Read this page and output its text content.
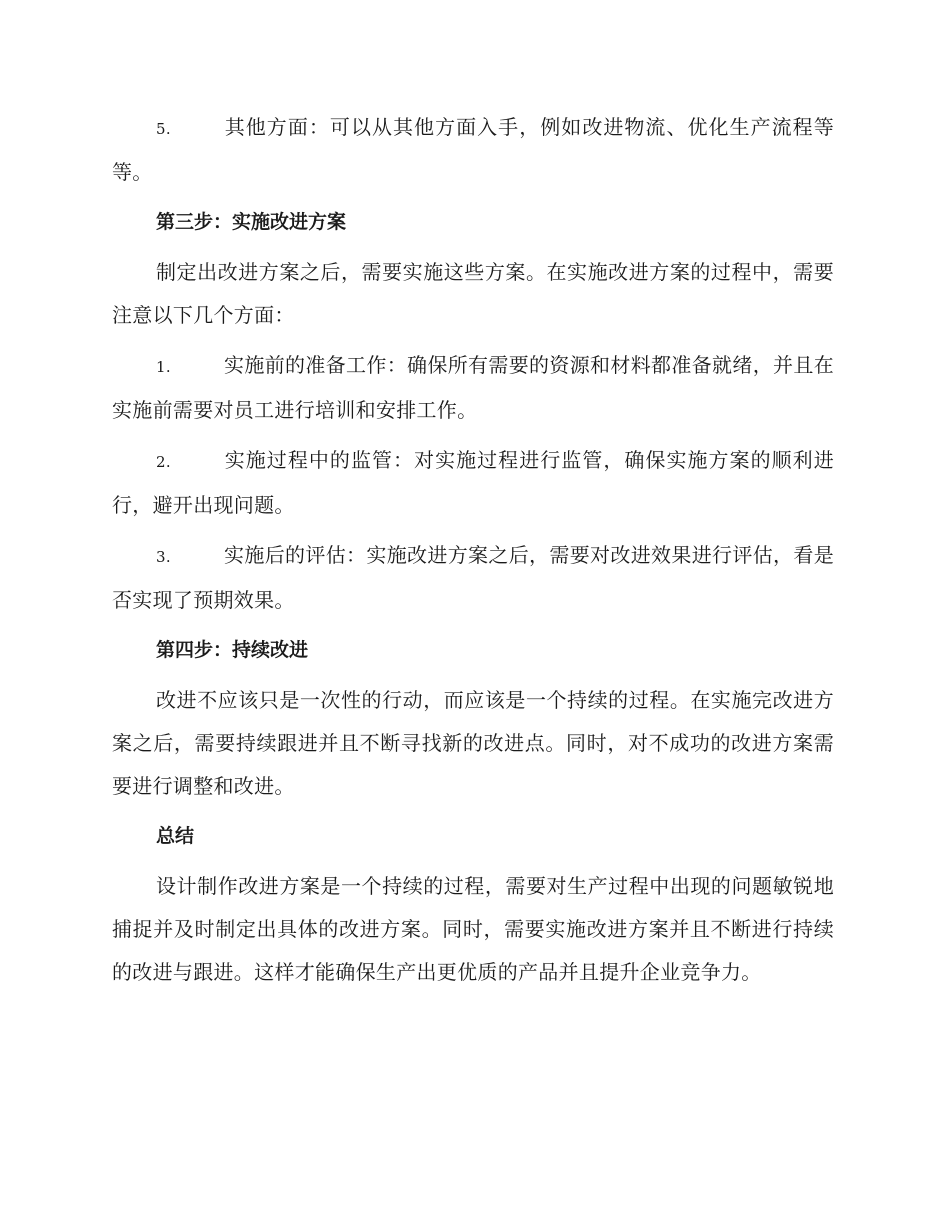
5.	其他方面：可以从其他方面入手，例如改进物流、优化生产流程等等。

第三步：实施改进方案

制定出改进方案之后，需要实施这些方案。在实施改进方案的过程中，需要注意以下几个方面：

1.	实施前的准备工作：确保所有需要的资源和材料都准备就绪，并且在实施前需要对员工进行培训和安排工作。

2.	实施过程中的监管：对实施过程进行监管，确保实施方案的顺利进行，避开出现问题。

3.	实施后的评估：实施改进方案之后，需要对改进效果进行评估，看是否实现了预期效果。

第四步：持续改进

改进不应该只是一次性的行动，而应该是一个持续的过程。在实施完改进方案之后，需要持续跟进并且不断寻找新的改进点。同时，对不成功的改进方案需要进行调整和改进。

总结

设计制作改进方案是一个持续的过程，需要对生产过程中出现的问题敏锐地捕捉并及时制定出具体的改进方案。同时，需要实施改进方案并且不断进行持续的改进与跟进。这样才能确保生产出更优质的产品并且提升企业竞争力。
